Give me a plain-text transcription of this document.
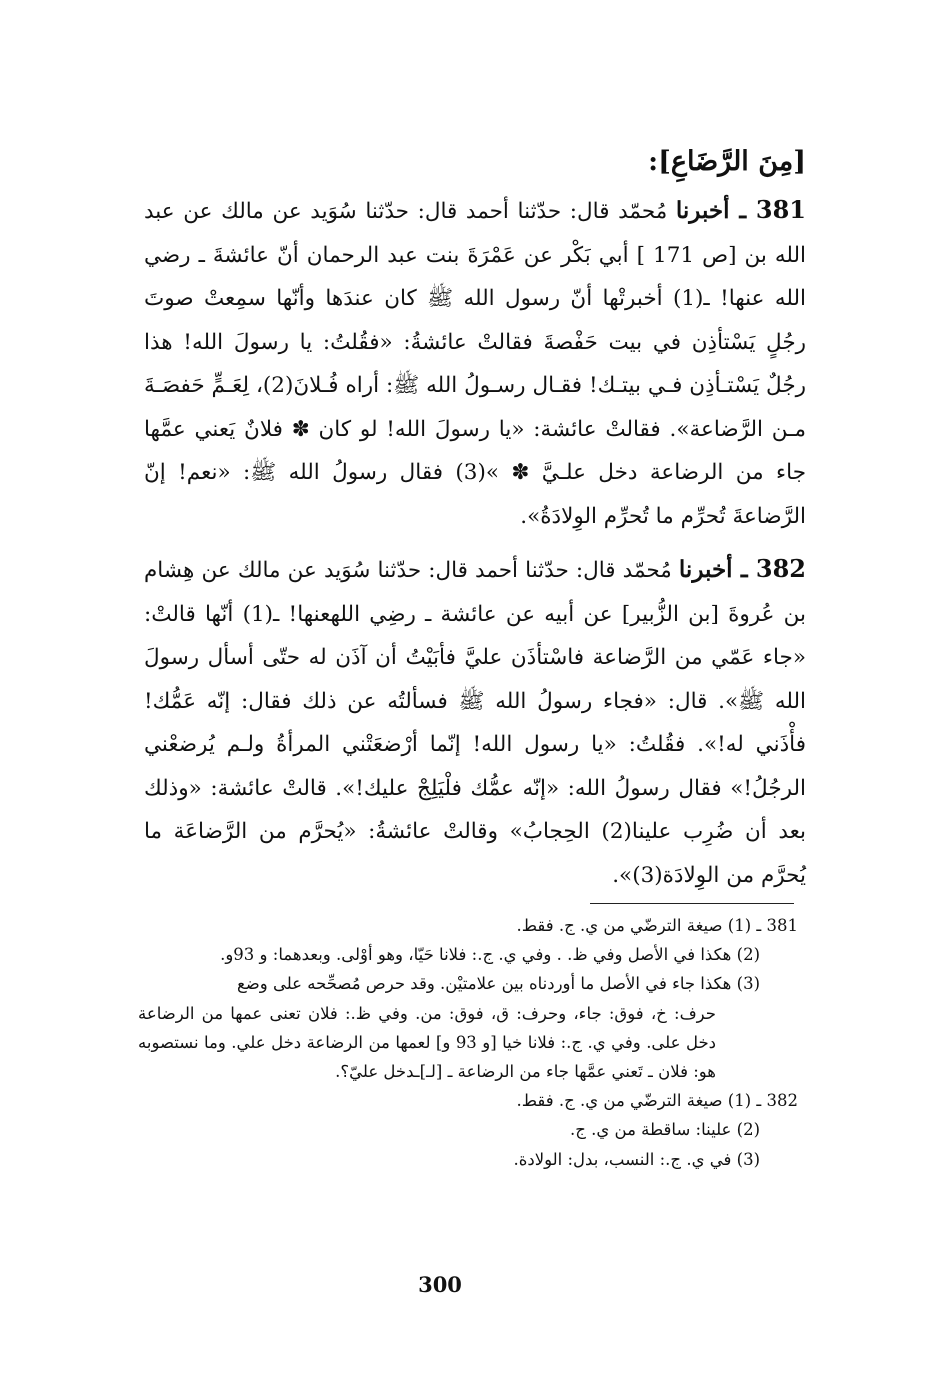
[مِنَ الرَّضَاعِ]:
381 ـ أخبرنا مُحمّد قال: حدّثنا أحمد قال: حدّثنا سُوَيد عن مالك عن عبد الله بن [ص 171 ] أبي بَكْر عن عَمْرَةَ بنت عبد الرحمان أنّ عائشةَ ـ رضي الله عنها! ـ(1) أخبرتْها أنّ رسول الله ﷺ كان عندَها وأنّها سمِعتْ صوتَ رجُلٍ يَسْتأذِن في بيت حَفْصةَ فقالتْ عائشةُ: «فقُلتُ: يا رسولَ الله! هذا رجُلٌ يَسْتـأذِن فـي بيتـك! فقـال رسـولُ الله ﷺ: أراه فُـلانَ(2)، لِعَـمٍّ حَفصَـةَ مـن الرَّضاعة». فقالتْ عائشة: «يا رسولَ الله! لو كان ✽ فلانٌ يَعني عمَّها جاء من الرضاعة دخل علـيَّ ✽ »(3) فقال رسولُ الله ﷺ: «نعم! إنّ الرَّضاعةَ تُحرِّم ما تُحرِّم الوِلادَةُ».
382 ـ أخبرنا مُحمّد قال: حدّثنا أحمد قال: حدّثنا سُوَيد عن مالك عن هِشام بن عُروةَ [بن الزُّبير] عن أبيه عن عائشة ـ رضِي اللهعنها! ـ(1) أنّها قالتْ: «جاء عَمّي من الرَّضاعة فاسْتأذَن عليَّ فأبَيْتُ أن آذَن له حتّى أسأل رسولَ الله ﷺ». قال: «فجاء رسولُ الله ﷺ فسألتُه عن ذلك فقال: إنّه عَمُّك! فأْذَني له!». فقُلتُ: «يا رسول الله! إنّما أرْضعَتْني المرأةُ ولـم يُرضعْني الرجُلُ!» فقال رسولُ الله: «إنّه عمُّك فلْيَلِجْ عليك!». قالتْ عائشة: «وذلك بعد أن ضُرِب علينا(2) الحِجابُ» وقالتْ عائشةُ: «يُحرَّم من الرَّضاعَة ما يُحرَّم من الوِلادَة(3)».

381 ـ (1) صيغة الترضّي من ي. ج. فقط.

(2) هكذا في الأصل وفي ظ. . وفي ي. ج.: فلانا حَيّا، وهو أوْلى. وبعدهما: و 93و.

(3) هكذا جاء في الأصل ما أوردناه بين علامتيْن. وقد حرص مُصحِّحه على وضع

حرف: خ، فوق: جاء، وحرف: ق، فوق: من. وفي ظ.: فلان تعنى عمها من الرضاعة دخل على. وفي ي. ج.: فلانا خيا [و 93 و] لعمها من الرضاعة دخل علي. وما نستصوبه هو: فلان ـ تَعني عمَّها جاء من الرضاعة ـ [لـ]ـدخل عليّ؟.

382 ـ (1) صيغة الترضّي من ي. ج. فقط.

(2) علينا: ساقطة من ي. ج.

(3) في ي. ج.: النسب، بدل: الولادة.

300
